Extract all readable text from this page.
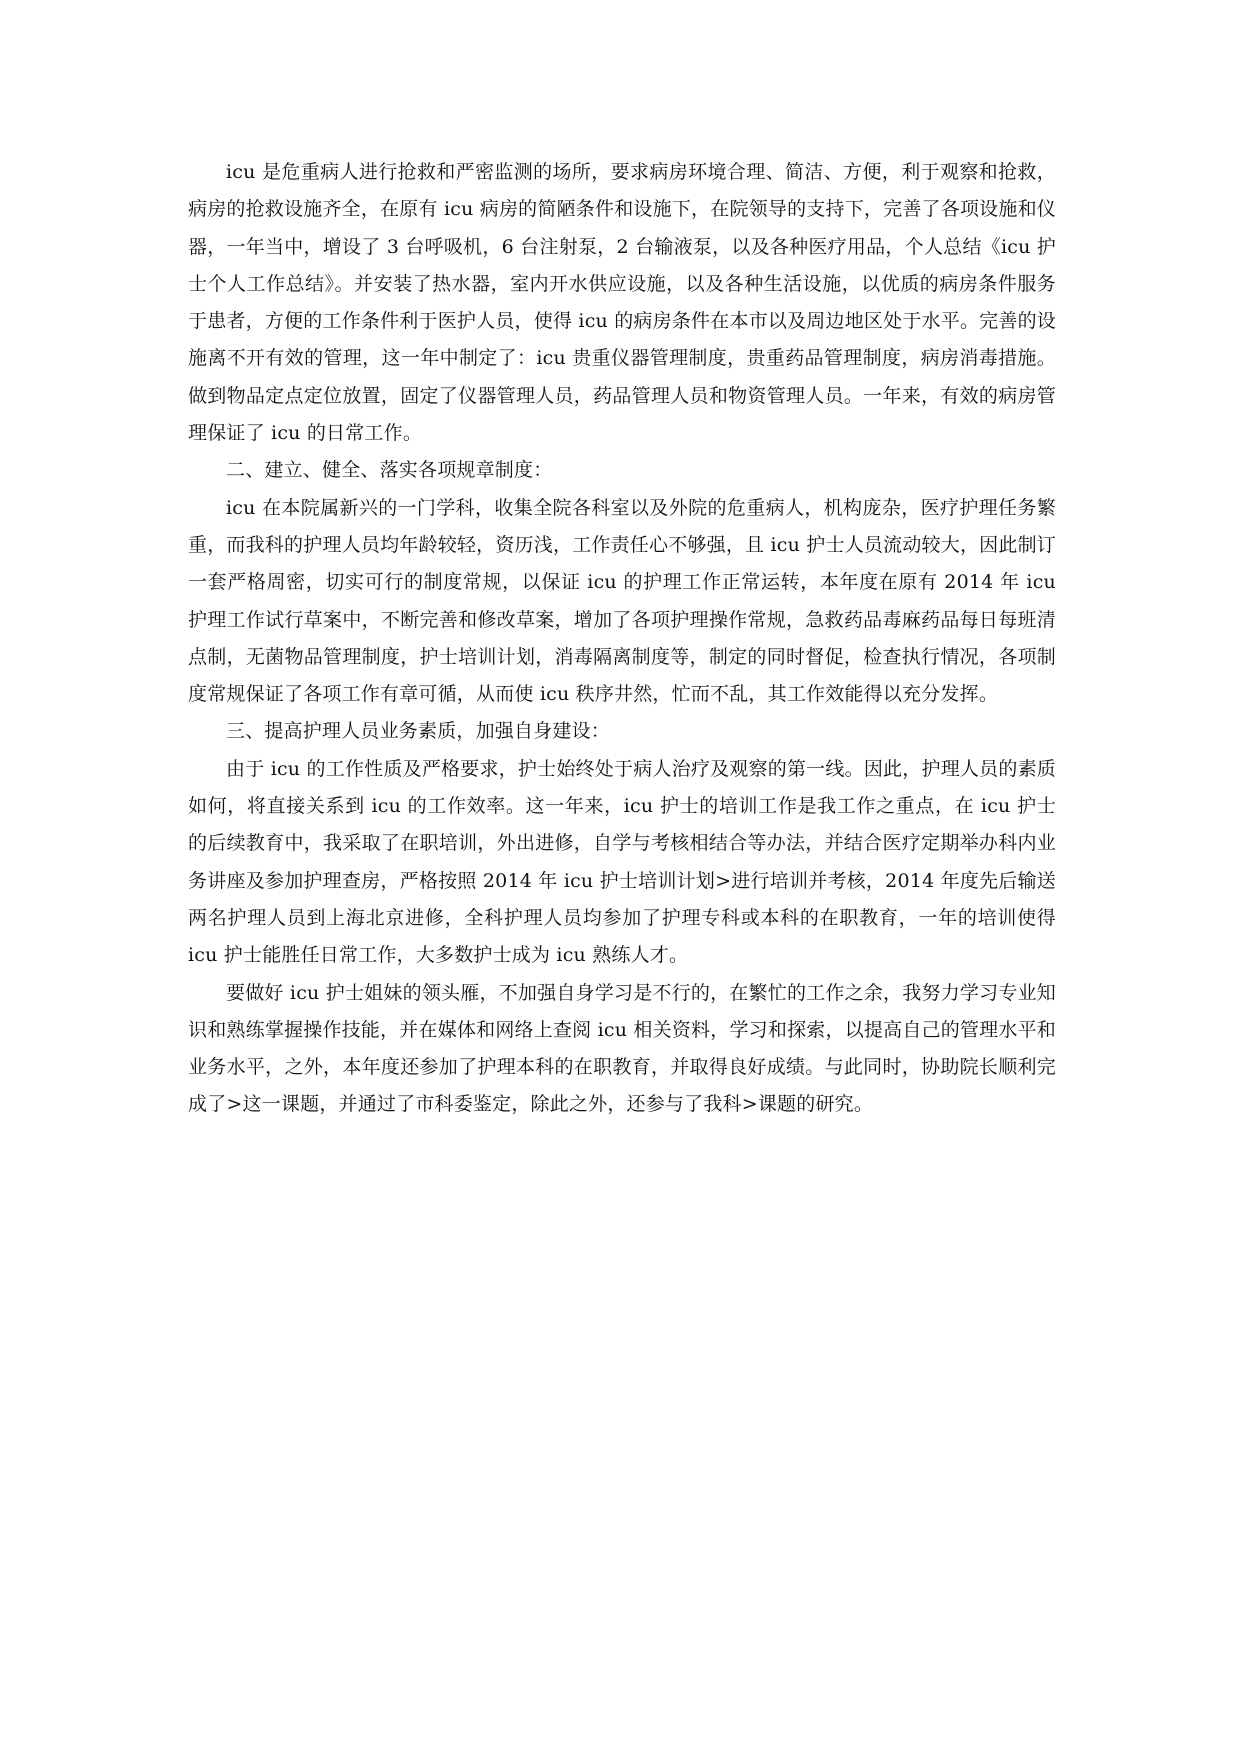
icu 是危重病人进行抢救和严密监测的场所，要求病房环境合理、简洁、方便，利于观察和抢救，病房的抢救设施齐全，在原有 icu 病房的简陋条件和设施下，在院领导的支持下，完善了各项设施和仪器，一年当中，增设了 3 台呼吸机，6 台注射泵，2 台输液泵，以及各种医疗用品，个人总结《icu 护士个人工作总结》。并安装了热水器，室内开水供应设施，以及各种生活设施，以优质的病房条件服务于患者，方便的工作条件利于医护人员，使得 icu 的病房条件在本市以及周边地区处于水平。完善的设施离不开有效的管理，这一年中制定了：icu 贵重仪器管理制度，贵重药品管理制度，病房消毒措施。做到物品定点定位放置，固定了仪器管理人员，药品管理人员和物资管理人员。一年来，有效的病房管理保证了 icu 的日常工作。

二、建立、健全、落实各项规章制度：

icu 在本院属新兴的一门学科，收集全院各科室以及外院的危重病人，机构庞杂，医疗护理任务繁重，而我科的护理人员均年龄较轻，资历浅，工作责任心不够强，且 icu 护士人员流动较大，因此制订一套严格周密，切实可行的制度常规，以保证 icu 的护理工作正常运转，本年度在原有 2014 年 icu 护理工作试行草案中，不断完善和修改草案，增加了各项护理操作常规，急救药品毒麻药品每日每班清点制，无菌物品管理制度，护士培训计划，消毒隔离制度等，制定的同时督促，检查执行情况，各项制度常规保证了各项工作有章可循，从而使 icu 秩序井然，忙而不乱，其工作效能得以充分发挥。

三、提高护理人员业务素质，加强自身建设：

由于 icu 的工作性质及严格要求，护士始终处于病人治疗及观察的第一线。因此，护理人员的素质如何，将直接关系到 icu 的工作效率。这一年来，icu 护士的培训工作是我工作之重点，在 icu 护士的后续教育中，我采取了在职培训，外出进修，自学与考核相结合等办法，并结合医疗定期举办科内业务讲座及参加护理查房，严格按照 2014 年 icu 护士培训计划>进行培训并考核，2014 年度先后输送两名护理人员到上海北京进修，全科护理人员均参加了护理专科或本科的在职教育，一年的培训使得 icu 护士能胜任日常工作，大多数护士成为 icu 熟练人才。

要做好 icu 护士姐妹的领头雁，不加强自身学习是不行的，在繁忙的工作之余，我努力学习专业知识和熟练掌握操作技能，并在媒体和网络上查阅 icu 相关资料，学习和探索，以提高自己的管理水平和业务水平，之外，本年度还参加了护理本科的在职教育，并取得良好成绩。与此同时，协助院长顺利完成了>这一课题，并通过了市科委鉴定，除此之外，还参与了我科>课题的研究。
